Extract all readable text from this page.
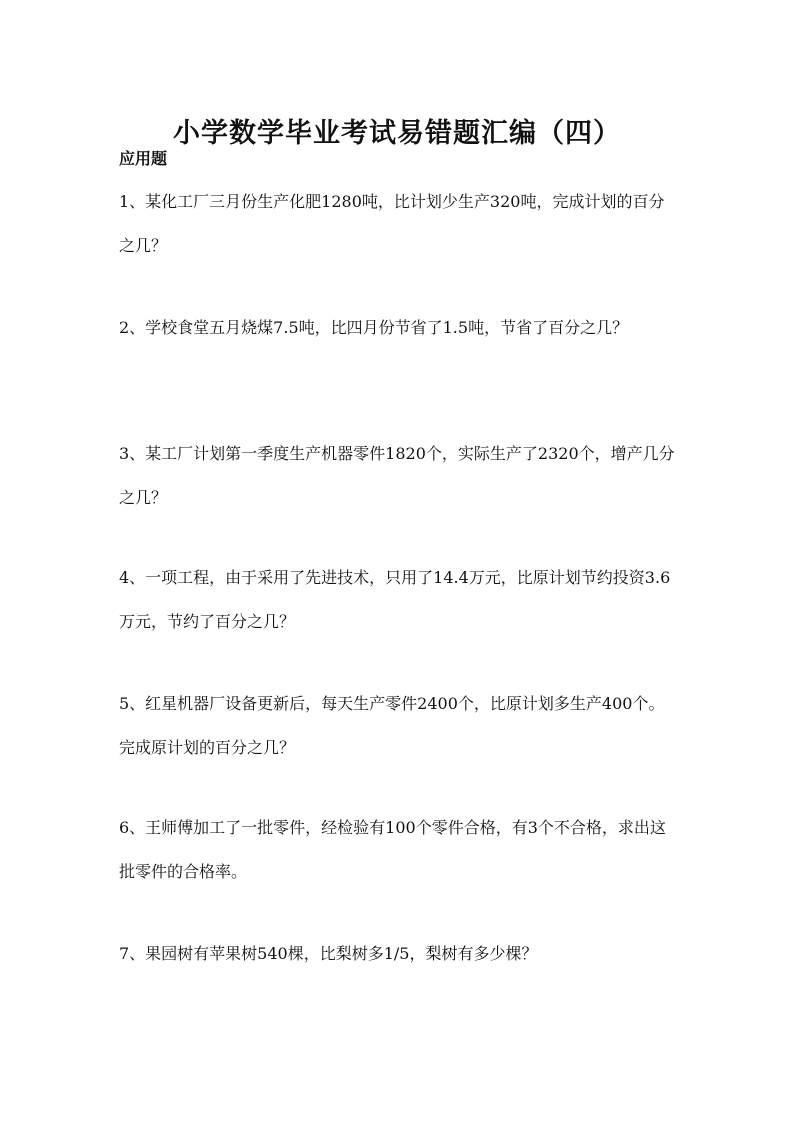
小学数学毕业考试易错题汇编（四）
应用题

1、某化工厂三月份生产化肥1280吨，比计划少生产320吨，完成计划的百分之几？

2、学校食堂五月烧煤7.5吨，比四月份节省了1.5吨，节省了百分之几？

3、某工厂计划第一季度生产机器零件1820个，实际生产了2320个，增产几分之几？

4、一项工程，由于采用了先进技术，只用了14.4万元，比原计划节约投资3.6万元，节约了百分之几？

5、红星机器厂设备更新后，每天生产零件2400个，比原计划多生产400个。完成原计划的百分之几？

6、王师傅加工了一批零件，经检验有100个零件合格，有3个不合格，求出这批零件的合格率。

7、果园树有苹果树540棵，比梨树多1/5，梨树有多少棵？
